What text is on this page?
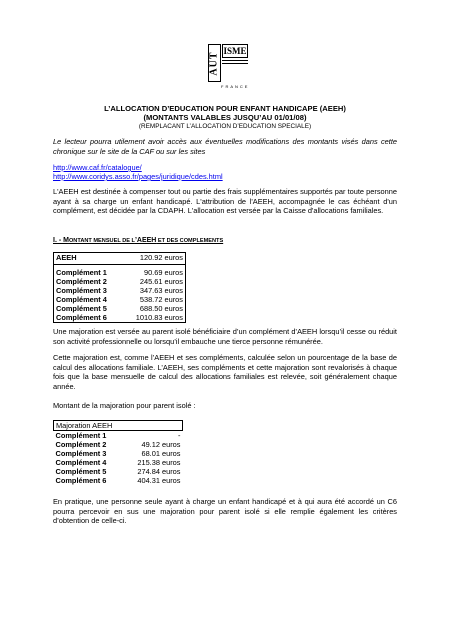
AUT ISME
FRANCE
L’ALLOCATION D’EDUCATION POUR ENFANT HANDICAPE (AEEH)
(MONTANTS VALABLES JUSQU’AU 01/01/08)
(REMPLACANT L’ALLOCATION D’EDUCATION SPECIALE)
Le lecteur pourra utilement avoir accès aux éventuelles modifications des montants visés dans cette chronique sur le site de la CAF ou sur les sites
http://www.caf.fr/catalogue/
http://www.coridys.asso.fr/pages/juridique/cdes.html
L'AEEH est destinée à compenser tout ou partie des frais supplémentaires supportés par toute personne ayant à sa charge un enfant handicapé. L'attribution de l'AEEH, accompagnée le cas échéant d'un complément, est décidée par la CDAPH. L'allocation est versée par la Caisse d'allocations familiales.
I. - MONTANT MENSUEL DE L’AEEH ET DES COMPLEMENTS
AEEH	120.92 euros
Complément 1	90.69 euros
Complément 2	245.61 euros
Complément 3	347.63 euros
Complément 4	538.72 euros
Complément 5	688.50 euros
Complément 6	1010.83 euros
Une majoration est versée au parent isolé bénéficiaire d’un complément d’AEEH lorsqu’il cesse ou réduit son activité professionnelle ou lorsqu’il embauche une tierce personne rémunérée.
Cette majoration est, comme l’AEEH et ses compléments, calculée selon un pourcentage de la base de calcul des allocations familiale. L’AEEH, ses compléments et cette majoration sont revalorisés à chaque fois que la base mensuelle de calcul des allocations familiales est relevée, soit généralement chaque année.
Montant de la majoration pour parent isolé :
Majoration AEEH	
Complément 1	-
Complément 2	49.12 euros
Complément 3	68.01 euros
Complément 4	215.38 euros
Complément 5	274.84 euros
Complément 6	404.31 euros
En pratique, une personne seule ayant à charge un enfant handicapé et à qui aura été accordé un C6 pourra percevoir en sus une majoration pour parent isolé si elle remplie également les critères d’obtention de celle-ci.
